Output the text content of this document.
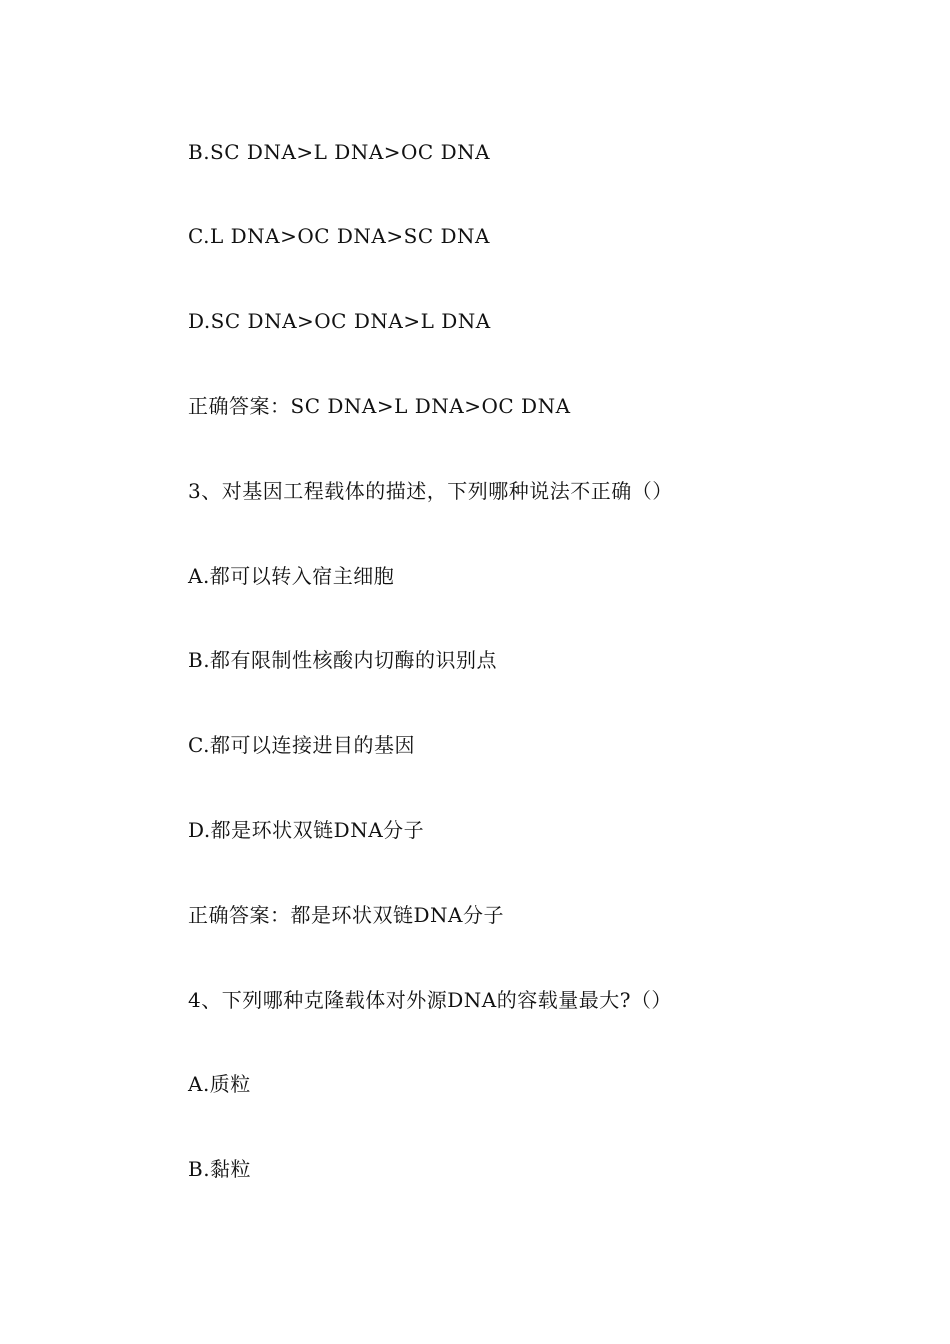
B.SC DNA>L DNA>OC DNA
C.L DNA>OC DNA>SC DNA
D.SC DNA>OC DNA>L DNA
正确答案：SC DNA>L DNA>OC DNA
3、对基因工程载体的描述，下列哪种说法不正确（）
A.都可以转入宿主细胞
B.都有限制性核酸内切酶的识别点
C.都可以连接进目的基因
D.都是环状双链DNA分子
正确答案：都是环状双链DNA分子
4、下列哪种克隆载体对外源DNA的容载量最大?（）
A.质粒
B.黏粒
